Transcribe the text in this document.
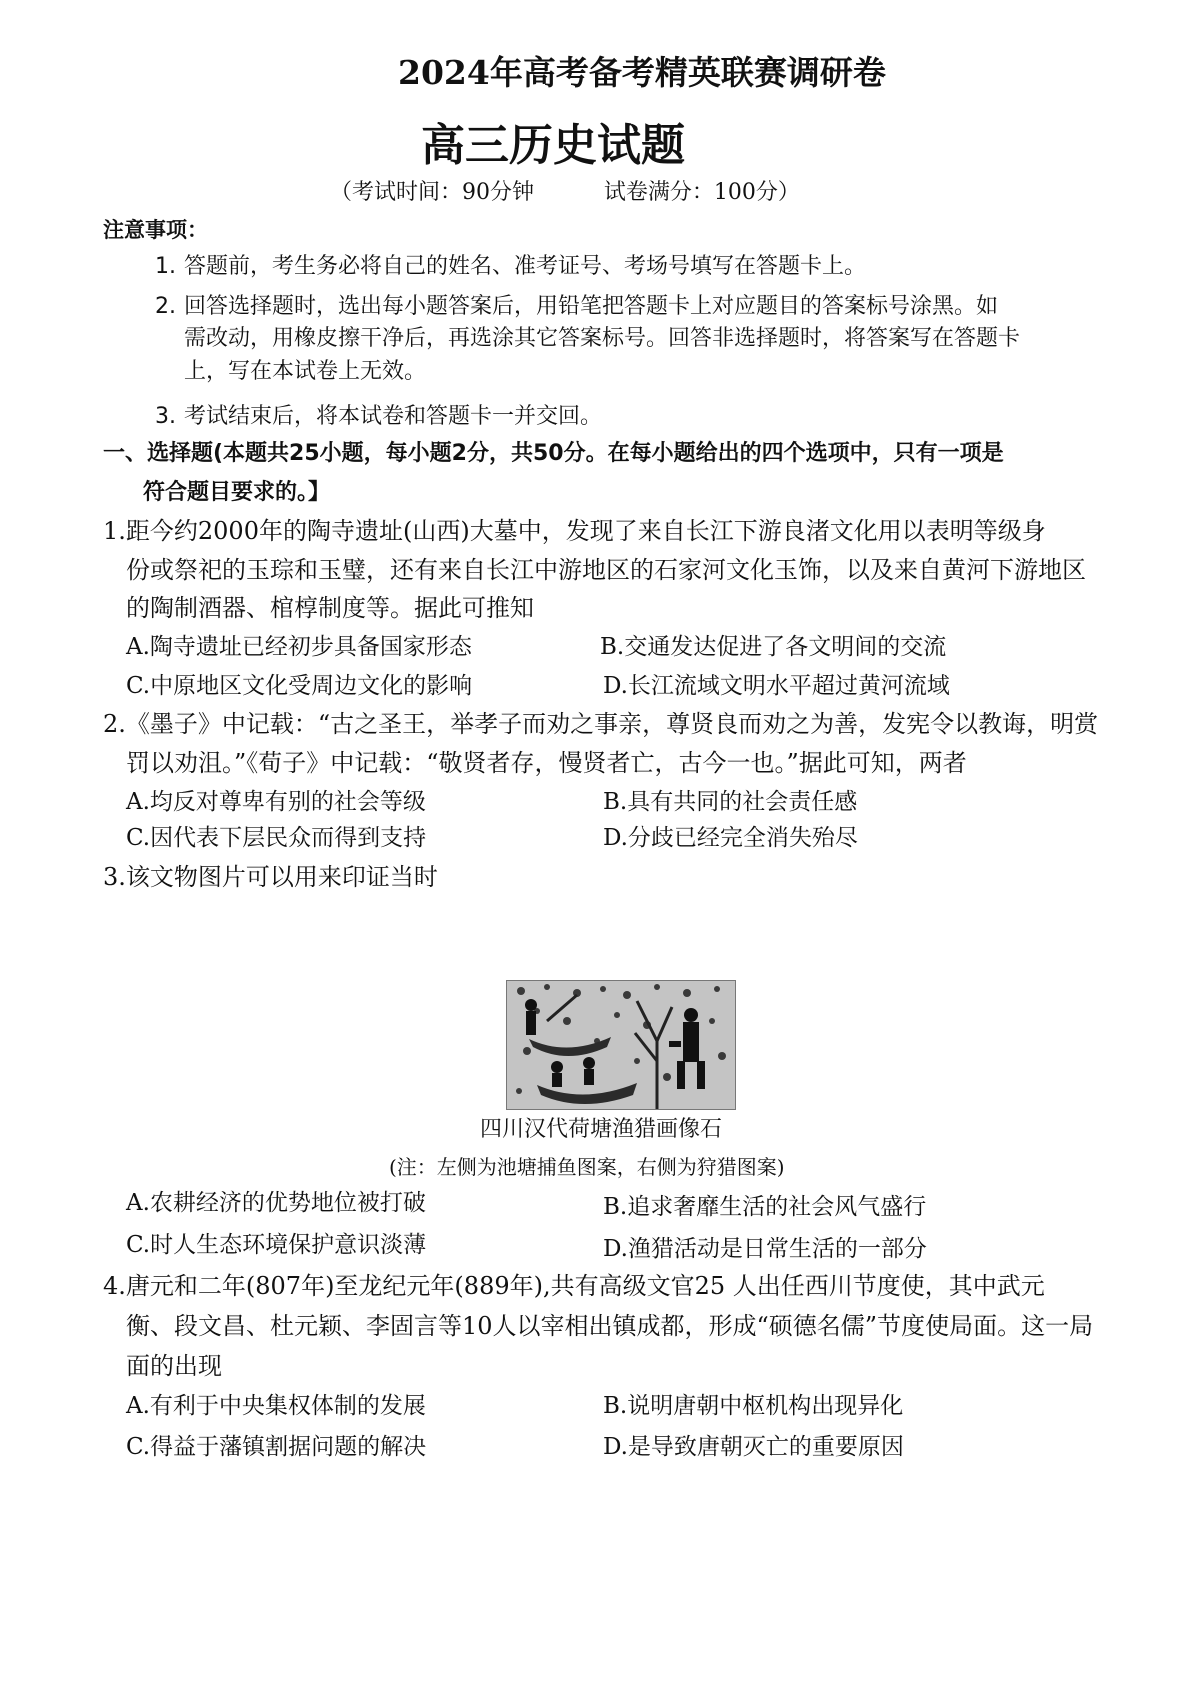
2024年高考备考精英联赛调研卷
高三历史试题
（考试时间：90分钟          试卷满分：100分）
注意事项：
1. 答题前，考生务必将自己的姓名、准考证号、考场号填写在答题卡上。
2. 回答选择题时，选出每小题答案后，用铅笔把答题卡上对应题目的答案标号涂黑。如
需改动，用橡皮擦干净后，再选涂其它答案标号。回答非选择题时，将答案写在答题卡
上，写在本试卷上无效。
3. 考试结束后，将本试卷和答题卡一并交回。
一、选择题(本题共25小题，每小题2分，共50分。在每小题给出的四个选项中，只有一项是
符合题目要求的。】
1.距今约2000年的陶寺遗址(山西)大墓中，发现了来自长江下游良渚文化用以表明等级身
份或祭祀的玉琮和玉璧，还有来自长江中游地区的石家河文化玉饰，以及来自黄河下游地区
的陶制酒器、棺椁制度等。据此可推知
A.陶寺遗址已经初步具备国家形态	B.交通发达促进了各文明间的交流
C.中原地区文化受周边文化的影响	D.长江流域文明水平超过黄河流域
2.《墨子》中记载：“古之圣王，举孝子而劝之事亲，尊贤良而劝之为善，发宪令以教诲，明赏
罚以劝沮。”《荀子》中记载：“敬贤者存，慢贤者亡，古今一也。”据此可知，两者
A.均反对尊卑有别的社会等级	B.具有共同的社会责任感
C.因代表下层民众而得到支持	D.分歧已经完全消失殆尽
3.该文物图片可以用来印证当时
四川汉代荷塘渔猎画像石
(注：左侧为池塘捕鱼图案，右侧为狩猎图案)
A.农耕经济的优势地位被打破	B.追求奢靡生活的社会风气盛行
C.时人生态环境保护意识淡薄	D.渔猎活动是日常生活的一部分
4.唐元和二年(807年)至龙纪元年(889年),共有高级文官25 人出任西川节度使，其中武元
衡、段文昌、杜元颖、李固言等10人以宰相出镇成都，形成“硕德名儒”节度使局面。这一局
面的出现
A.有利于中央集权体制的发展	B.说明唐朝中枢机构出现异化
C.得益于藩镇割据问题的解决	D.是导致唐朝灭亡的重要原因
